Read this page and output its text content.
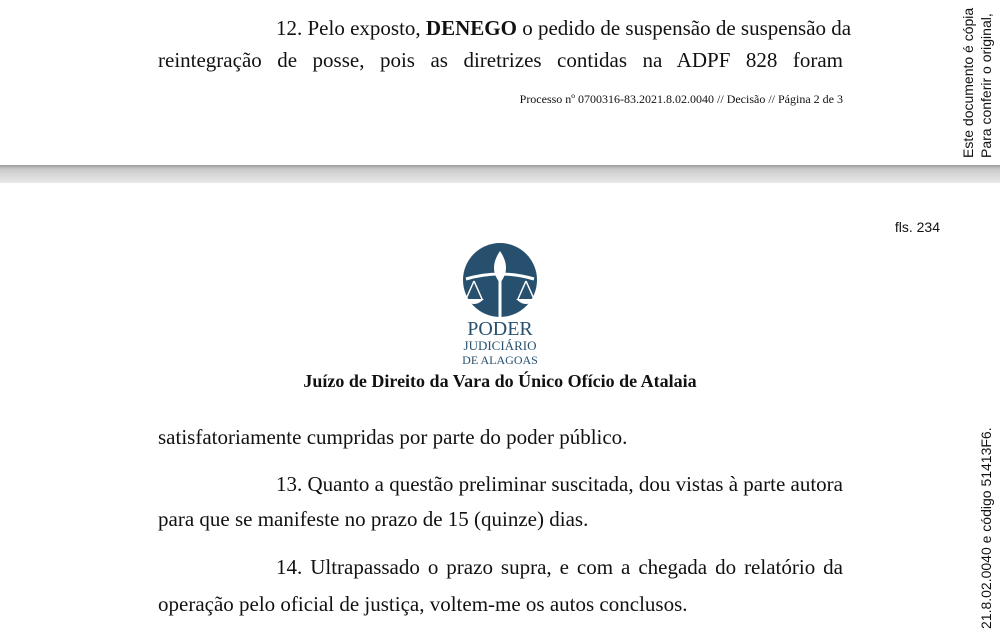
12. Pelo exposto, DENEGO o pedido de suspensão de suspensão da
reintegração de posse, pois as diretrizes contidas na ADPF 828 foram
Processo nº 0700316-83.2021.8.02.0040 // Decisão // Página 2 de 3
fls. 234
PODER
JUDICIÁRIO
DE ALAGOAS
Juízo de Direito da Vara do Único Ofício de Atalaia
satisfatoriamente cumpridas por parte do poder público.
13. Quanto a questão preliminar suscitada, dou vistas à parte autora
para que se manifeste no prazo de 15 (quinze) dias.
14. Ultrapassado o prazo supra, e com a chegada do relatório da
operação pelo oficial de justiça, voltem-me os autos conclusos.
Este documento é cópia Para conferir o original,
21.8.02.0040 e código 51413F6.
